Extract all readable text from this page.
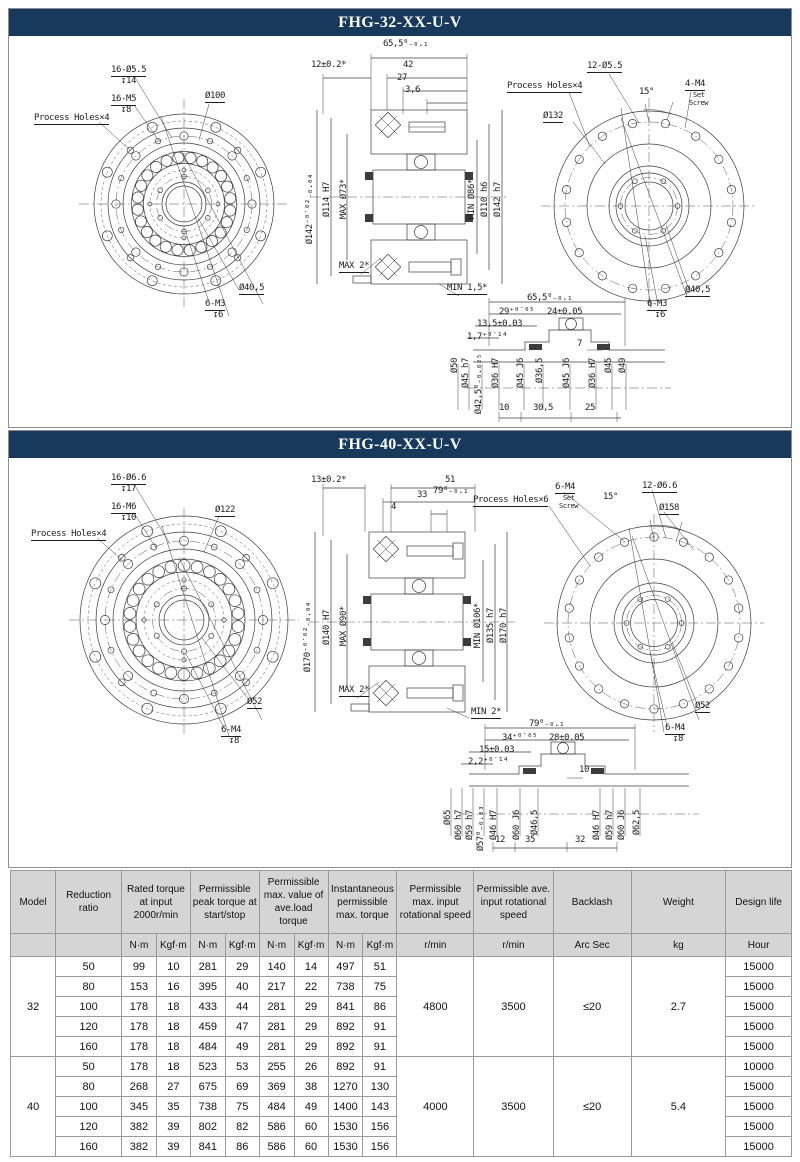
FHG-32-XX-U-V
16-Ø5.5
↧14
16-M5
↧8
Ø100
Process Holes×4
Ø40,5
6-M3
↧6
65,5⁰₋₀.₁
12±0.2*	42
27
3,6
Ø142⁻⁰˙⁰²₋₀.₀₄ Ø114 H7 MAX Ø73*	MIN Ø86* Ø110 h6 Ø142 h7
MAX 2*
MIN 1,5*
12-Ø5.5
Process Holes×4
15°
4-M4
Set
Screw
Ø132
Ø40,5
6-M3
↧6
65,5⁰₋₀.₁
29⁺⁰˙⁰⁵ 24±0.05
13,5±0.03
1,7⁺⁰˙¹⁴
7
Ø50 Ø45 h7 Ø42,5⁰₋₀.₀₂₅ Ø36 H7 Ø45 J6 Ø36,5 Ø45 J6 Ø36 H7 Ø45 Ø49
10	30,5	25
FHG-40-XX-U-V
16-Ø6.6
↧17
16-M6
↧10
Ø122
Process Holes×4
Ø52
6-M4
↧8
13±0.2*	51
79⁰₋₀.₁
33
4
Ø170⁻⁰˙⁰²₋₀.₀₄ Ø140 H7 MAX Ø90*	MIN Ø106* Ø135 h7 Ø170 h7
MAX 2*
MIN 2*
Process Holes×6
6-M4
Set
Screw
15°
12-Ø6.6
Ø158
Ø52
6-M4
↧8
79⁰₋₀.₁
34⁺⁰˙⁰⁵ 28±0.05
15±0.03
2,2⁺⁰˙¹⁴
10
Ø65 Ø60 h7 Ø59 h7 Ø57⁰₋₀.₀₃ Ø46 H7 Ø60 J6 Ø46,5	Ø46 H7 Ø59 h7 Ø60 J6 Ø62,5
12 35	32
Model	Reduction ratio	Rated torque at input 2000r/min		Permissible peak torque at start/stop		Permissible max. value of ave.load torque		Instantaneous permissible max. torque		Permissible max. input rotational speed	Permissible ave. input rotational speed	Backlash	Weight	Design life
		N·m	Kgf·m	N·m	Kgf·m	N·m	Kgf·m	N·m	Kgf·m	r/min	r/min	Arc Sec	kg	Hour
32	50	99	10	281	29	140	14	497	51	4800	3500	≤20	2.7	15000
	80	153	16	395	40	217	22	738	75					15000
	100	178	18	433	44	281	29	841	86					15000
	120	178	18	459	47	281	29	892	91					15000
	160	178	18	484	49	281	29	892	91					15000
40	50	178	18	523	53	255	26	892	91	4000	3500	≤20	5.4	10000
	80	268	27	675	69	369	38	1270	130					15000
	100	345	35	738	75	484	49	1400	143					15000
	120	382	39	802	82	586	60	1530	156					15000
	160	382	39	841	86	586	60	1530	156					15000
